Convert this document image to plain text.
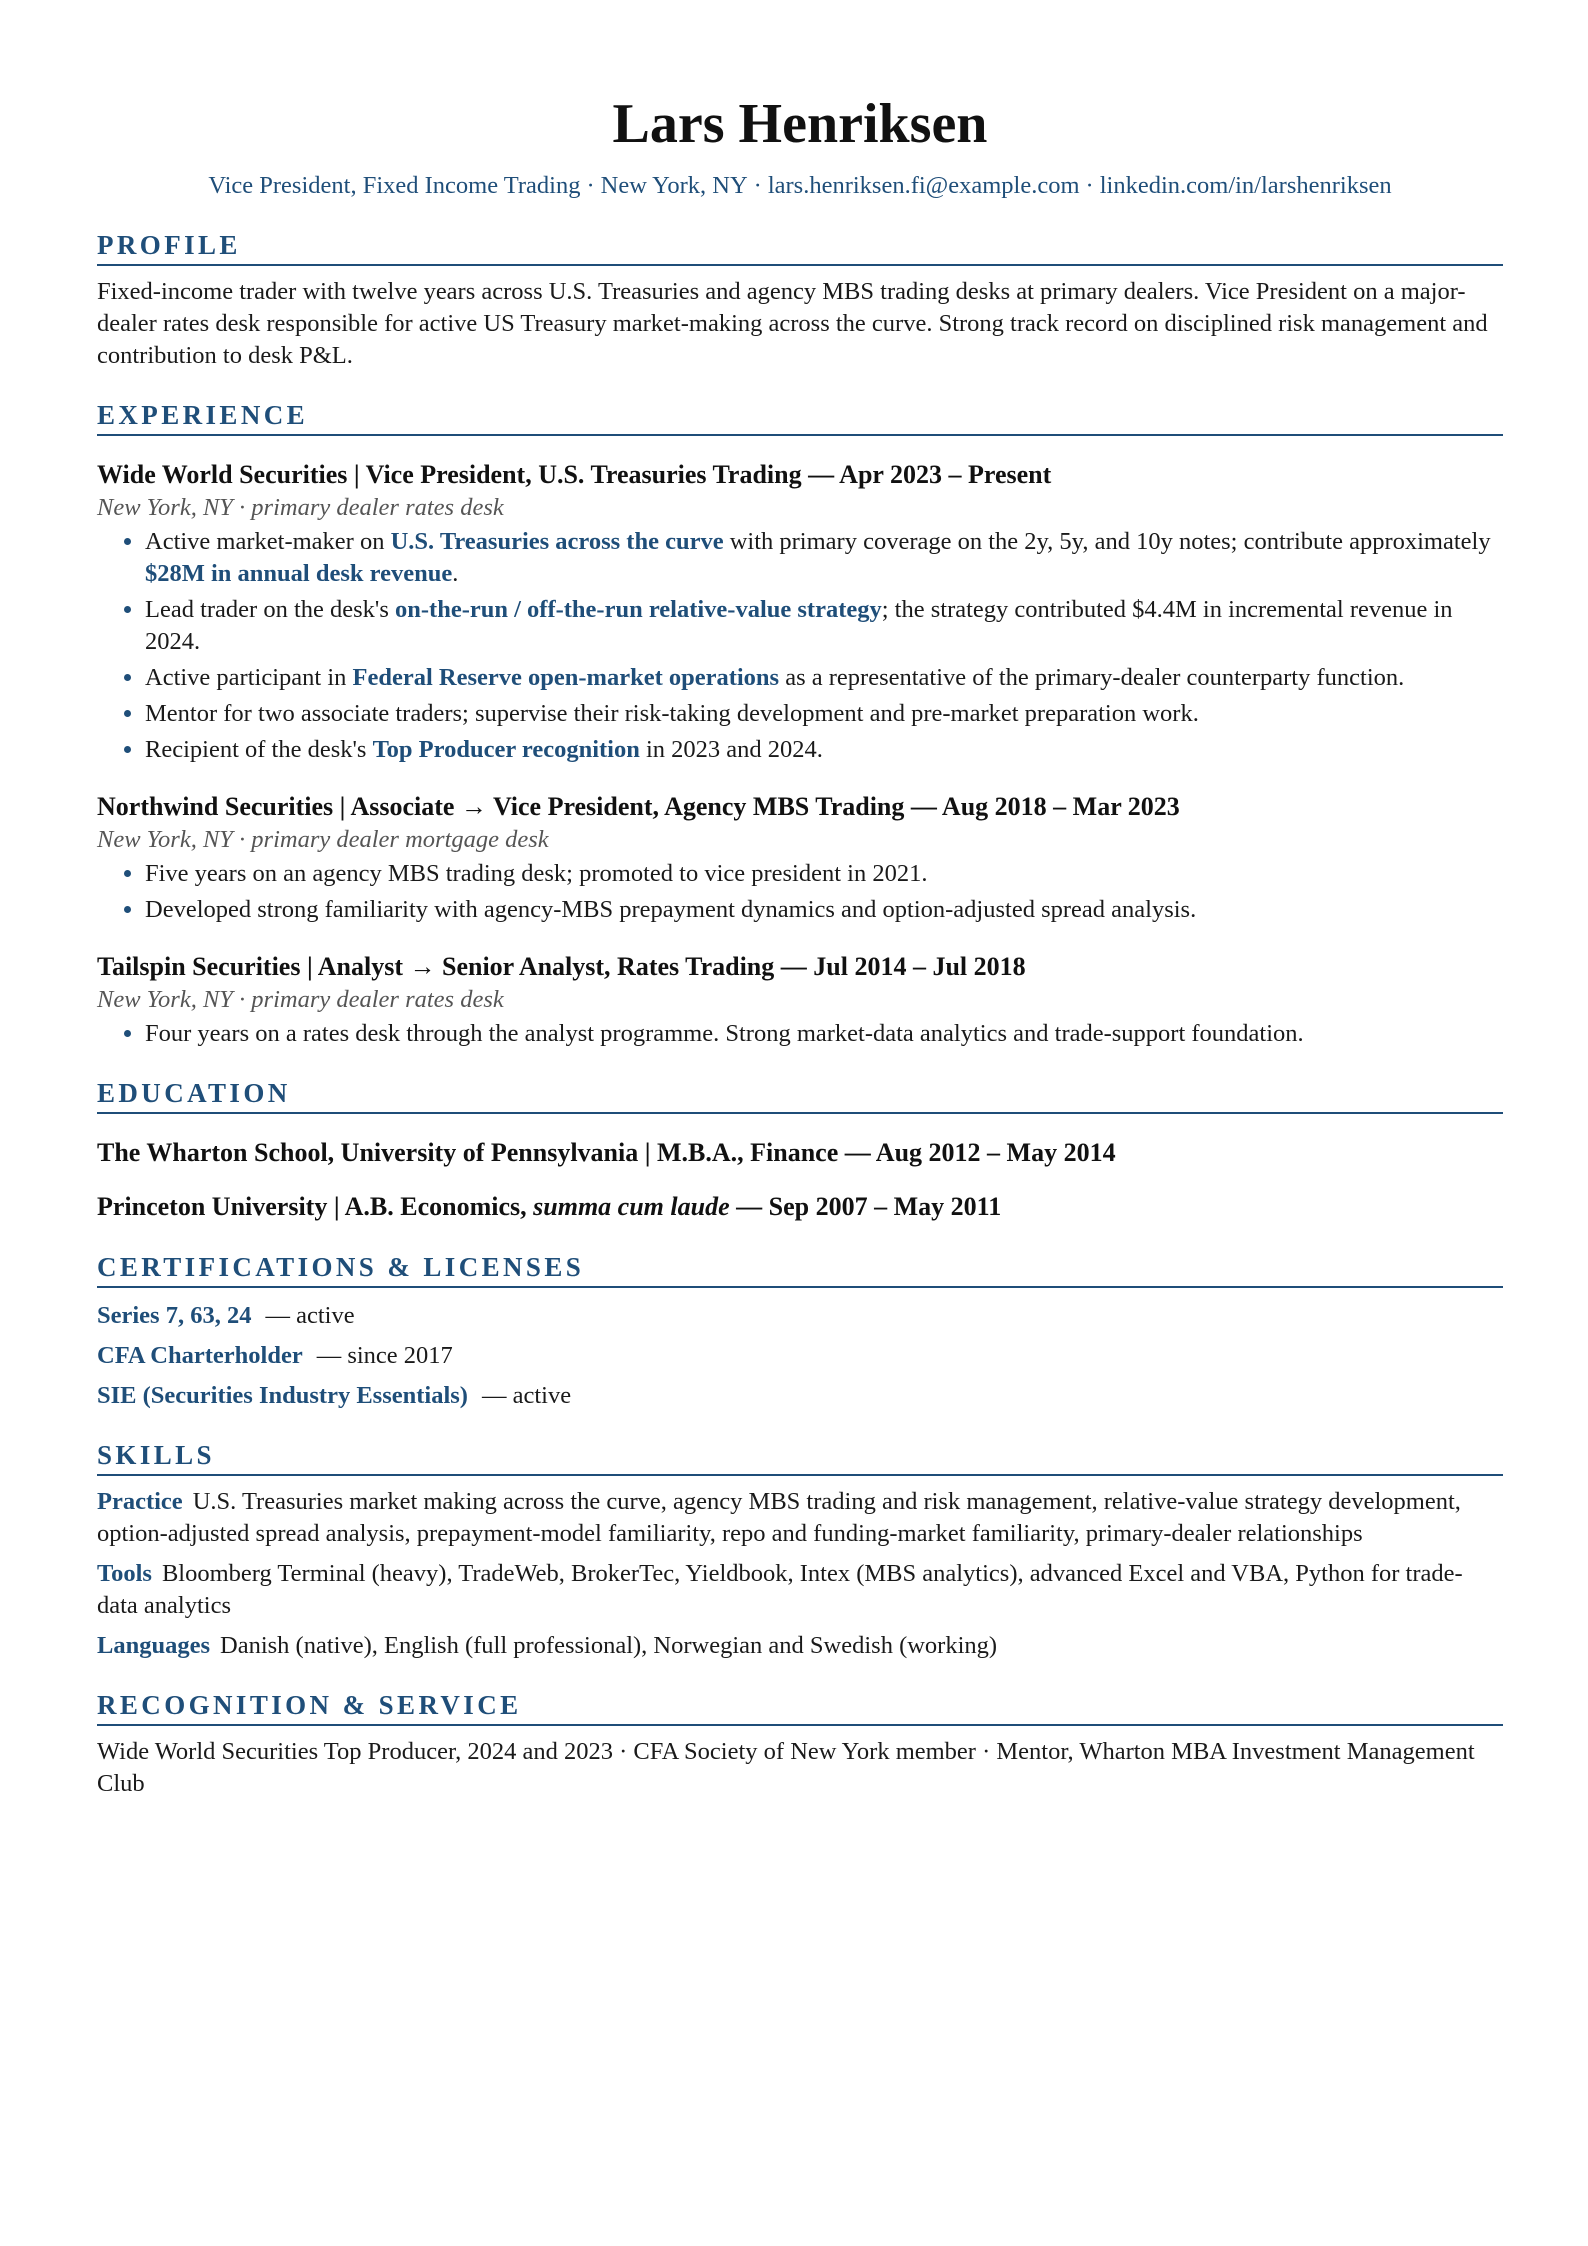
Lars Henriksen
Vice President, Fixed Income Trading · New York, NY · lars.henriksen.fi@example.com · linkedin.com/in/larshenriksen
PROFILE

Fixed-income trader with twelve years across U.S. Treasuries and agency MBS trading desks at primary dealers. Vice President on a major-dealer rates desk responsible for active US Treasury market-making across the curve. Strong track record on disciplined risk management and contribution to desk P&L.

EXPERIENCE
Wide World Securities | Vice President, U.S. Treasuries Trading — Apr 2023 – Present
New York, NY · primary dealer rates desk
• Active market-maker on U.S. Treasuries across the curve with primary coverage on the 2y, 5y, and 10y notes; contribute approximately $28M in annual desk revenue.
• Lead trader on the desk's on-the-run / off-the-run relative-value strategy; the strategy contributed $4.4M in incremental revenue in 2024.
• Active participant in Federal Reserve open-market operations as a representative of the primary-dealer counterparty function.
• Mentor for two associate traders; supervise their risk-taking development and pre-market preparation work.
• Recipient of the desk's Top Producer recognition in 2023 and 2024.
Northwind Securities | Associate → Vice President, Agency MBS Trading — Aug 2018 – Mar 2023
New York, NY · primary dealer mortgage desk
• Five years on an agency MBS trading desk; promoted to vice president in 2021.
• Developed strong familiarity with agency-MBS prepayment dynamics and option-adjusted spread analysis.
Tailspin Securities | Analyst → Senior Analyst, Rates Trading — Jul 2014 – Jul 2018
New York, NY · primary dealer rates desk
• Four years on a rates desk through the analyst programme. Strong market-data analytics and trade-support foundation.
EDUCATION
The Wharton School, University of Pennsylvania | M.B.A., Finance — Aug 2012 – May 2014
Princeton University | A.B. Economics, summa cum laude — Sep 2007 – May 2011
CERTIFICATIONS & LICENSES
Series 7, 63, 24 — active
CFA Charterholder — since 2017
SIE (Securities Industry Essentials) — active
SKILLS
Practice U.S. Treasuries market making across the curve, agency MBS trading and risk management, relative-value strategy development, option-adjusted spread analysis, prepayment-model familiarity, repo and funding-market familiarity, primary-dealer relationships
Tools Bloomberg Terminal (heavy), TradeWeb, BrokerTec, Yieldbook, Intex (MBS analytics), advanced Excel and VBA, Python for trade-data analytics
Languages Danish (native), English (full professional), Norwegian and Swedish (working)
RECOGNITION & SERVICE

Wide World Securities Top Producer, 2024 and 2023 · CFA Society of New York member · Mentor, Wharton MBA Investment Management Club
